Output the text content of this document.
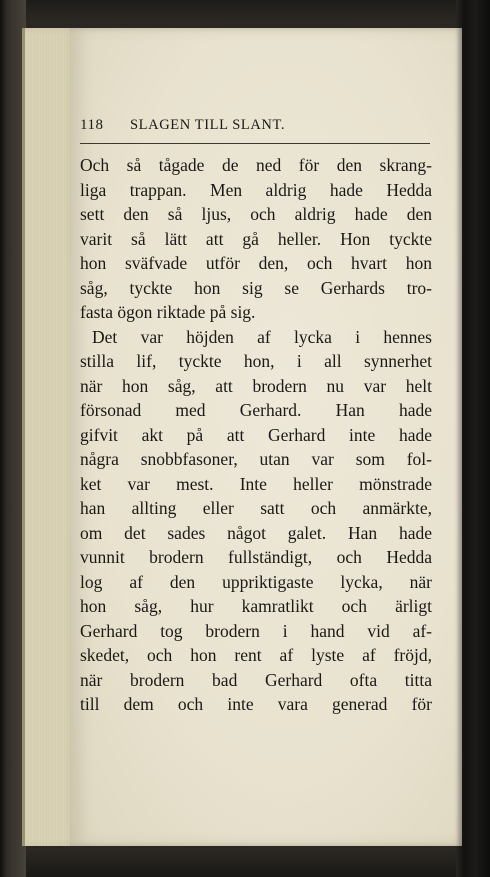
118 SLAGEN TILL SLANT.
Och så tågade de ned för den skrang-
liga trappan. Men aldrig hade Hedda
sett den så ljus, och aldrig hade den
varit så lätt att gå heller. Hon tyckte
hon sväfvade utför den, och hvart hon
såg, tyckte hon sig se Gerhards tro-
fasta ögon riktade på sig.
Det var höjden af lycka i hennes
stilla lif, tyckte hon, i all synnerhet
när hon såg, att brodern nu var helt
försonad med Gerhard. Han hade
gifvit akt på att Gerhard inte hade
några snobbfasoner, utan var som fol-
ket var mest. Inte heller mönstrade
han allting eller satt och anmärkte,
om det sades något galet. Han hade
vunnit brodern fullständigt, och Hedda
log af den uppriktigaste lycka, när
hon såg, hur kamratlikt och ärligt
Gerhard tog brodern i hand vid af-
skedet, och hon rent af lyste af fröjd,
när brodern bad Gerhard ofta titta
till dem och inte vara generad för
